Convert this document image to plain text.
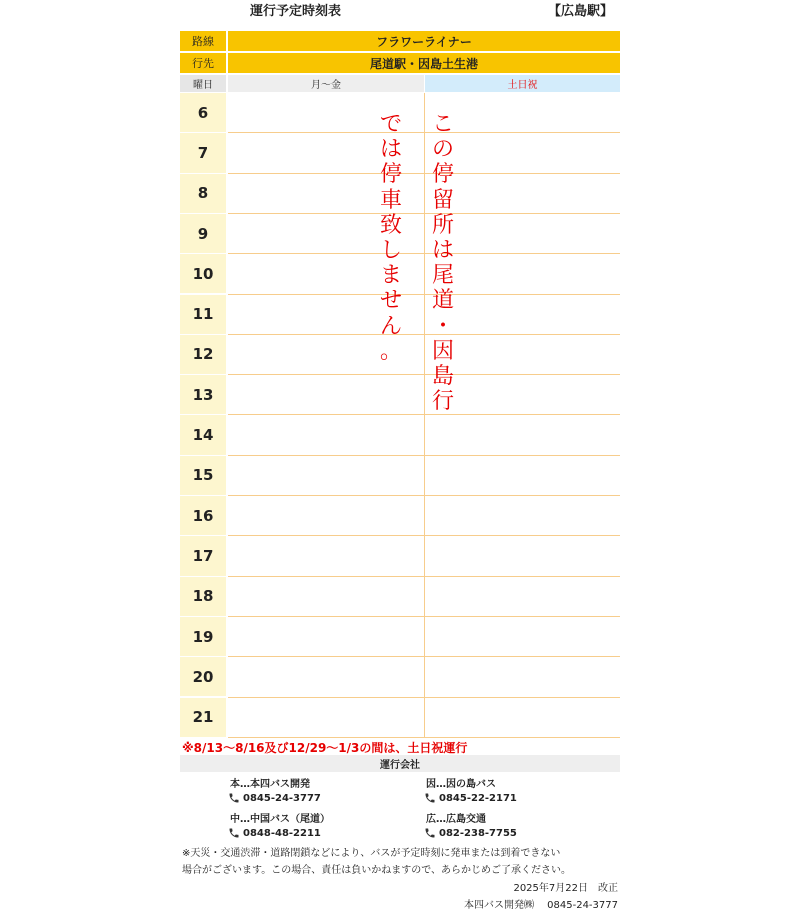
運行予定時刻表	【広島駅】
路線	フラワーライナー
行先	尾道駅・因島土生港
曜日	月～金	土日祝
6
7
8
9
10
11
12
13
14
15
16
17
18
19
20
21
で
は
停
車
致
し
ま
せ
ん
。
こ
の
停
留
所
は
尾
道
・
因
島
行
※8/13～8/16及び12/29～1/3の間は、土日祝運行
運行会社
本…本四バス開発
0845-24-3777
中…中国バス（尾道）
0848-48-2211
因…因の島バス
0845-22-2171
広…広島交通
082-238-7755
※天災・交通渋滞・道路閉鎖などにより、バスが予定時刻に発車または到着できない
場合がございます。この場合、責任は負いかねますので、あらかじめご了承ください。
2025年7月22日　改正
本四バス開発㈱　 0845-24-3777
